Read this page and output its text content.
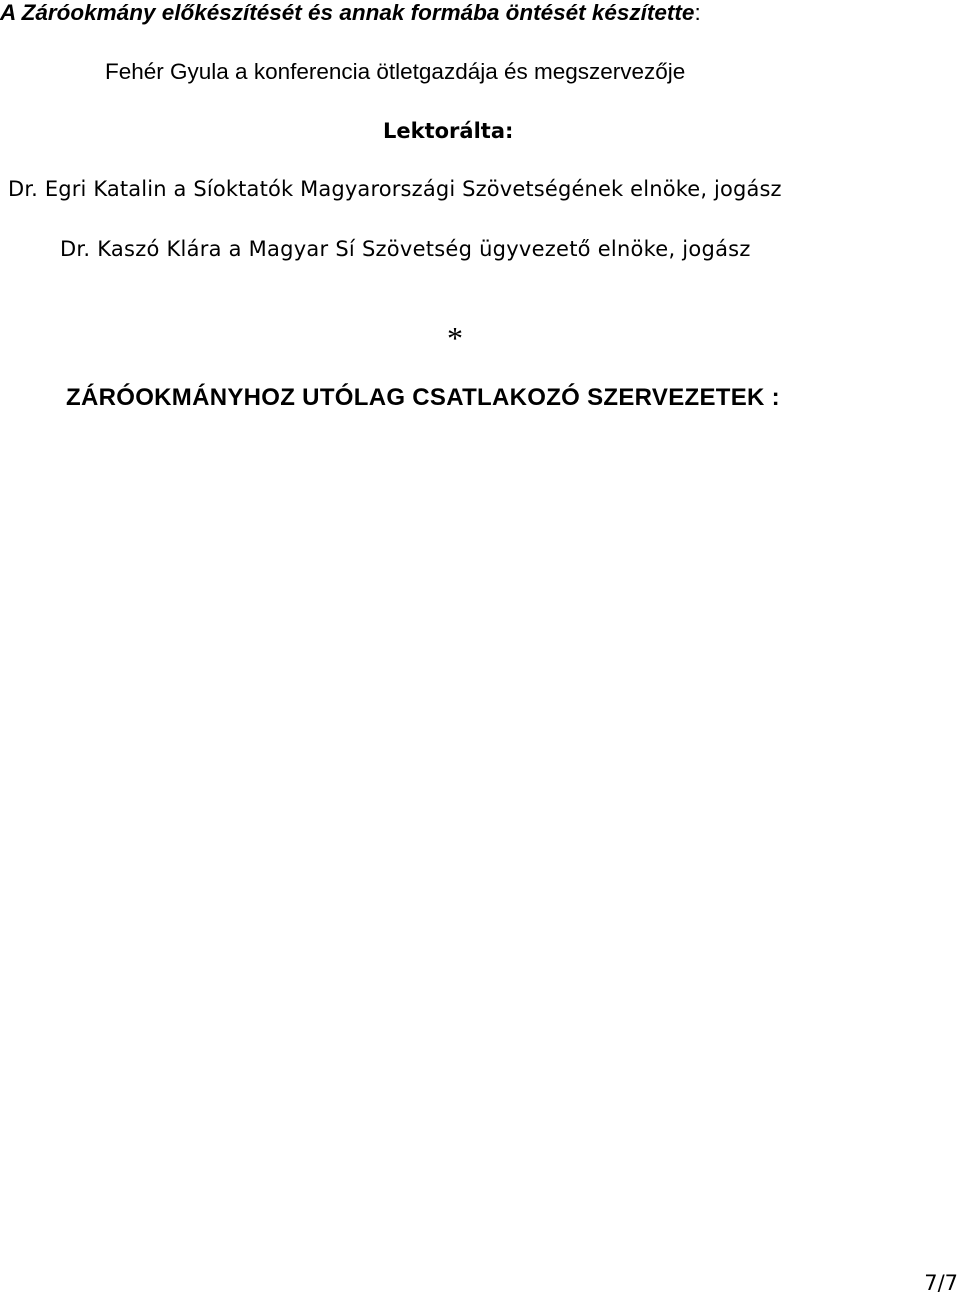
A Záróokmány előkészítését és annak formába öntését készítette:
Fehér Gyula a konferencia ötletgazdája és megszervezője
Lektorálta:
Dr. Egri Katalin a Síoktatók Magyarországi Szövetségének elnöke, jogász
Dr. Kaszó Klára a Magyar Sí Szövetség ügyvezető elnöke, jogász
*
ZÁRÓOKMÁNYHOZ UTÓLAG CSATLAKOZÓ SZERVEZETEK :
7/7
